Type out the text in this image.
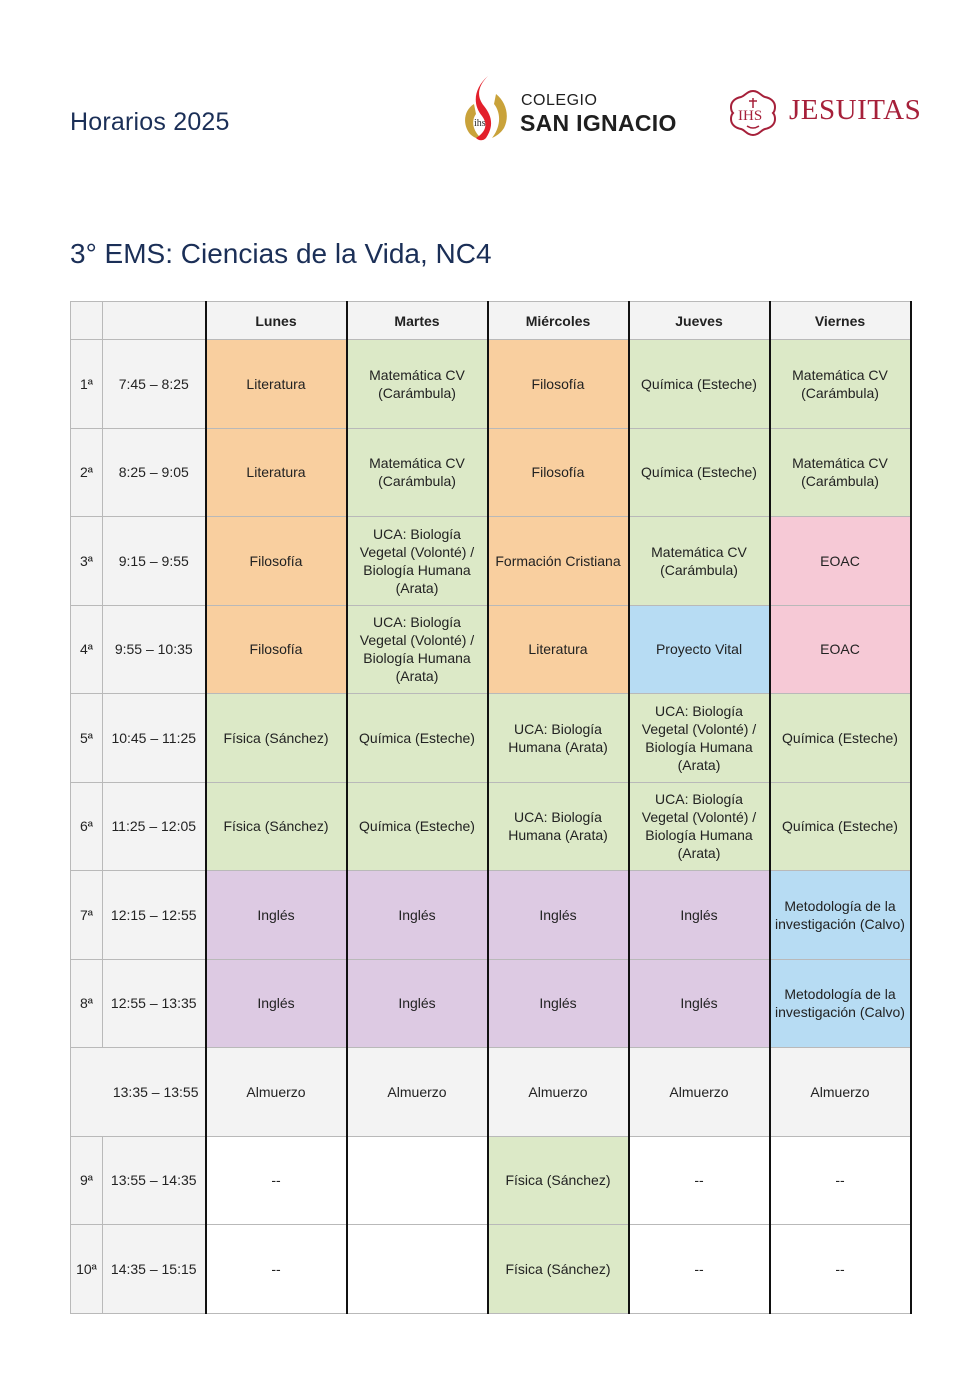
Horarios 2025	ihs
COLEGIO
SAN IGNACIO	IHS JESUITAS
3° EMS: Ciencias de la Vida, NC4
		Lunes	Martes	Miércoles	Jueves	Viernes
1ª	7:45 – 8:25	Literatura	Matemática CV (Carámbula)	Filosofía	Química (Esteche)	Matemática CV (Carámbula)
2ª	8:25 – 9:05	Literatura	Matemática CV (Carámbula)	Filosofía	Química (Esteche)	Matemática CV (Carámbula)
3ª	9:15 – 9:55	Filosofía	UCA: Biología Vegetal (Volonté) / Biología Humana (Arata)	Formación Cristiana	Matemática CV (Carámbula)	EOAC
4ª	9:55 – 10:35	Filosofía	UCA: Biología Vegetal (Volonté) / Biología Humana (Arata)	Literatura	Proyecto Vital	EOAC
5ª	10:45 – 11:25	Física (Sánchez)	Química (Esteche)	UCA: Biología Humana (Arata)	UCA: Biología Vegetal (Volonté) / Biología Humana (Arata)	Química (Esteche)
6ª	11:25 – 12:05	Física (Sánchez)	Química (Esteche)	UCA: Biología Humana (Arata)	UCA: Biología Vegetal (Volonté) / Biología Humana (Arata)	Química (Esteche)
7ª	12:15 – 12:55	Inglés	Inglés	Inglés	Inglés	Metodología de la investigación (Calvo)
8ª	12:55 – 13:35	Inglés	Inglés	Inglés	Inglés	Metodología de la investigación (Calvo)
13:35 – 13:55		Almuerzo	Almuerzo	Almuerzo	Almuerzo	Almuerzo
9ª	13:55 – 14:35	--		Física (Sánchez)	--	--
10ª	14:35 – 15:15	--		Física (Sánchez)	--	--
